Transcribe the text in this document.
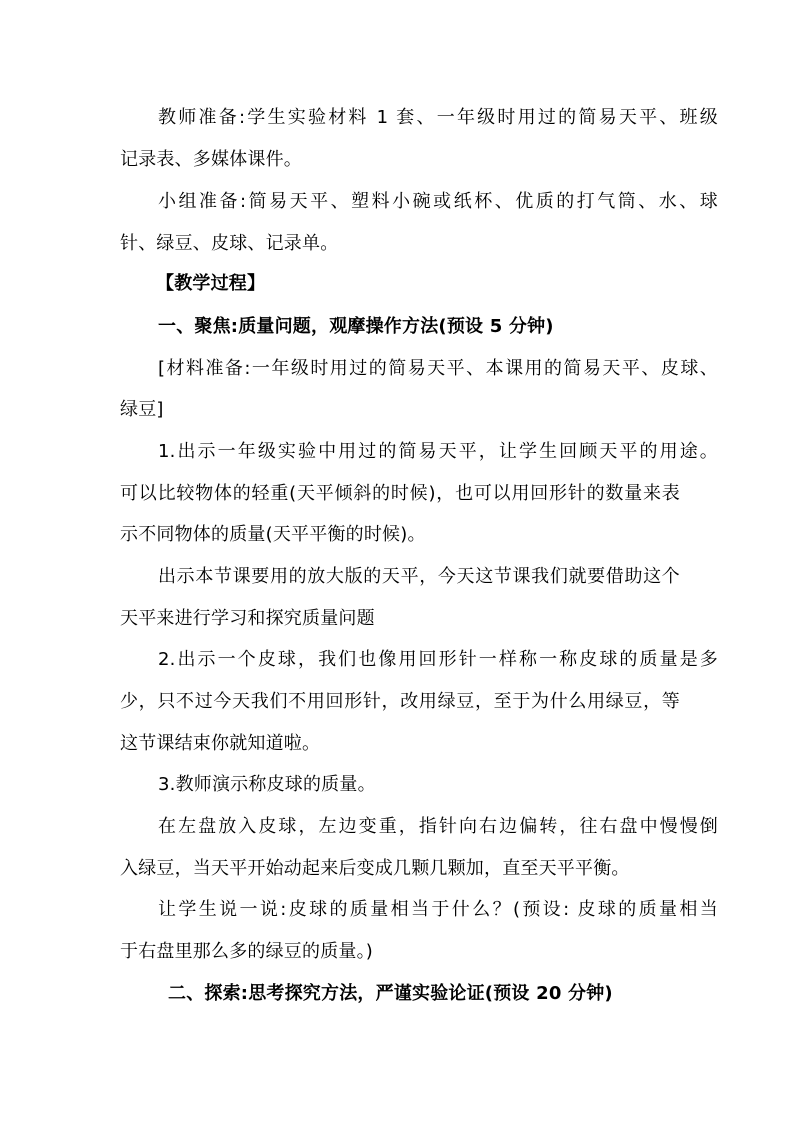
教师准备:学生实验材料 1 套、一年级时用过的简易天平、班级
记录表、多媒体课件。
小组准备:简易天平、塑料小碗或纸杯、优质的打气筒、水、球
针、绿豆、皮球、记录单。
【教学过程】
一、聚焦:质量问题，观摩操作方法(预设 5 分钟)
[材料准备:一年级时用过的简易天平、本课用的简易天平、皮球、
绿豆]
1.出示一年级实验中用过的简易天平，让学生回顾天平的用途。
可以比较物体的轻重(天平倾斜的时候)，也可以用回形针的数量来表
示不同物体的质量(天平平衡的时候)。
出示本节课要用的放大版的天平，今天这节课我们就要借助这个
天平来进行学习和探究质量问题
2.出示一个皮球，我们也像用回形针一样称一称皮球的质量是多
少，只不过今天我们不用回形针，改用绿豆，至于为什么用绿豆，等
这节课结束你就知道啦。
3.教师演示称皮球的质量。
在左盘放入皮球，左边变重，指针向右边偏转，往右盘中慢慢倒
入绿豆，当天平开始动起来后变成几颗几颗加，直至天平平衡。
让学生说一说:皮球的质量相当于什么？(预设: 皮球的质量相当
于右盘里那么多的绿豆的质量。)
二、探索:思考探究方法，严谨实验论证(预设 20 分钟)
